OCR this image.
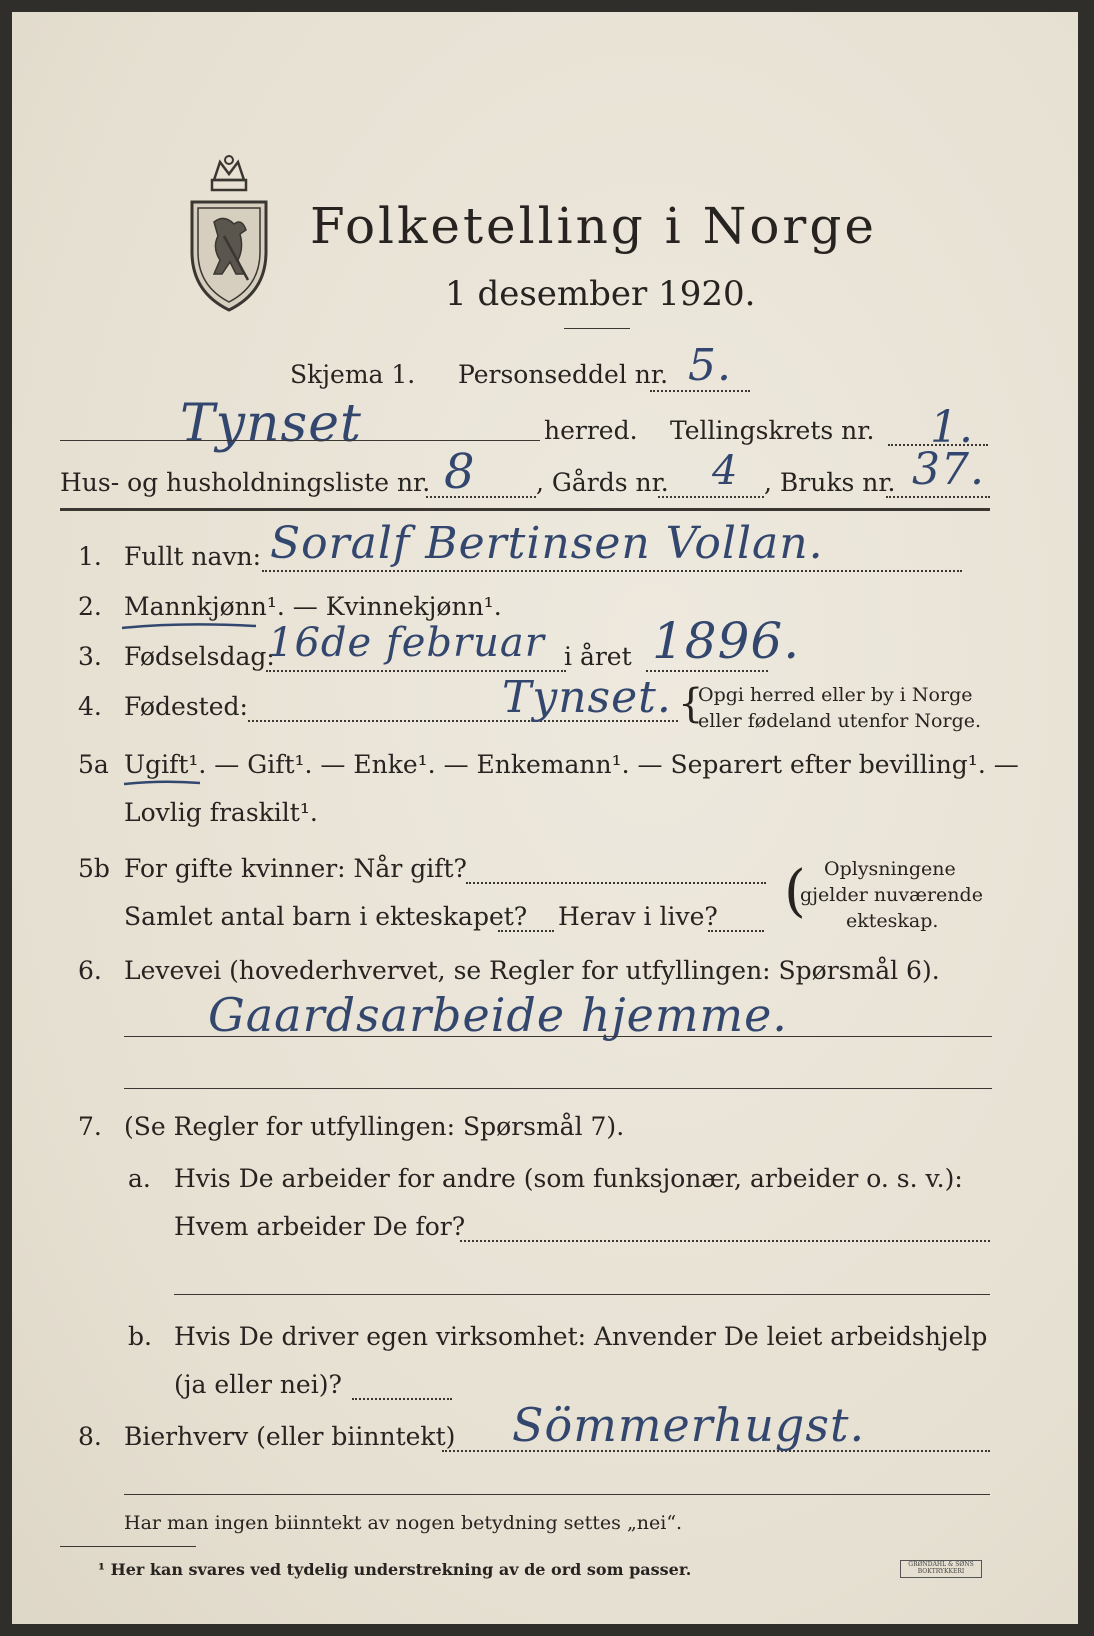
Folketelling i Norge
1 desember 1920.
Skjema 1. Personseddel nr. 5.
Tynset	herred. Tellingskrets nr. 1.
Hus- og husholdningsliste nr. 8 , Gårds nr. 4 , Bruks nr. 37.
1. Fullt navn: Soralf Bertinsen Vollan.
2. Mannkjønn¹. — Kvinnekjønn¹.
3. Fødselsdag:
16de februar i året 1896.
4. Fødested:	Tynset. {
Opgi herred eller by i Norge
eller fødeland utenfor Norge.
5a Ugift¹. — Gift¹. — Enke¹. — Enkemann¹. — Separert efter bevilling¹. —
Lovlig fraskilt¹.
5b For gifte kvinner: Når gift?
Samlet antal barn i ekteskapet? Herav i live? ( Oplysningene
gjelder nuværende
ekteskap.
6. Levevei (hovederhvervet, se Regler for utfyllingen: Spørsmål 6).
Gaardsarbeide hjemme.
7. (Se Regler for utfyllingen: Spørsmål 7).
a. Hvis De arbeider for andre (som funksjonær, arbeider o. s. v.):
Hvem arbeider De for?
b. Hvis De driver egen virksomhet: Anvender De leiet arbeidshjelp
(ja eller nei)?
8. Bierhverv (eller biinntekt) Sömmerhugst.
Har man ingen biinntekt av nogen betydning settes „nei“.
¹ Her kan svares ved tydelig understrekning av de ord som passer.	GRØNDAHL & SØNS BOKTRYKKERI
